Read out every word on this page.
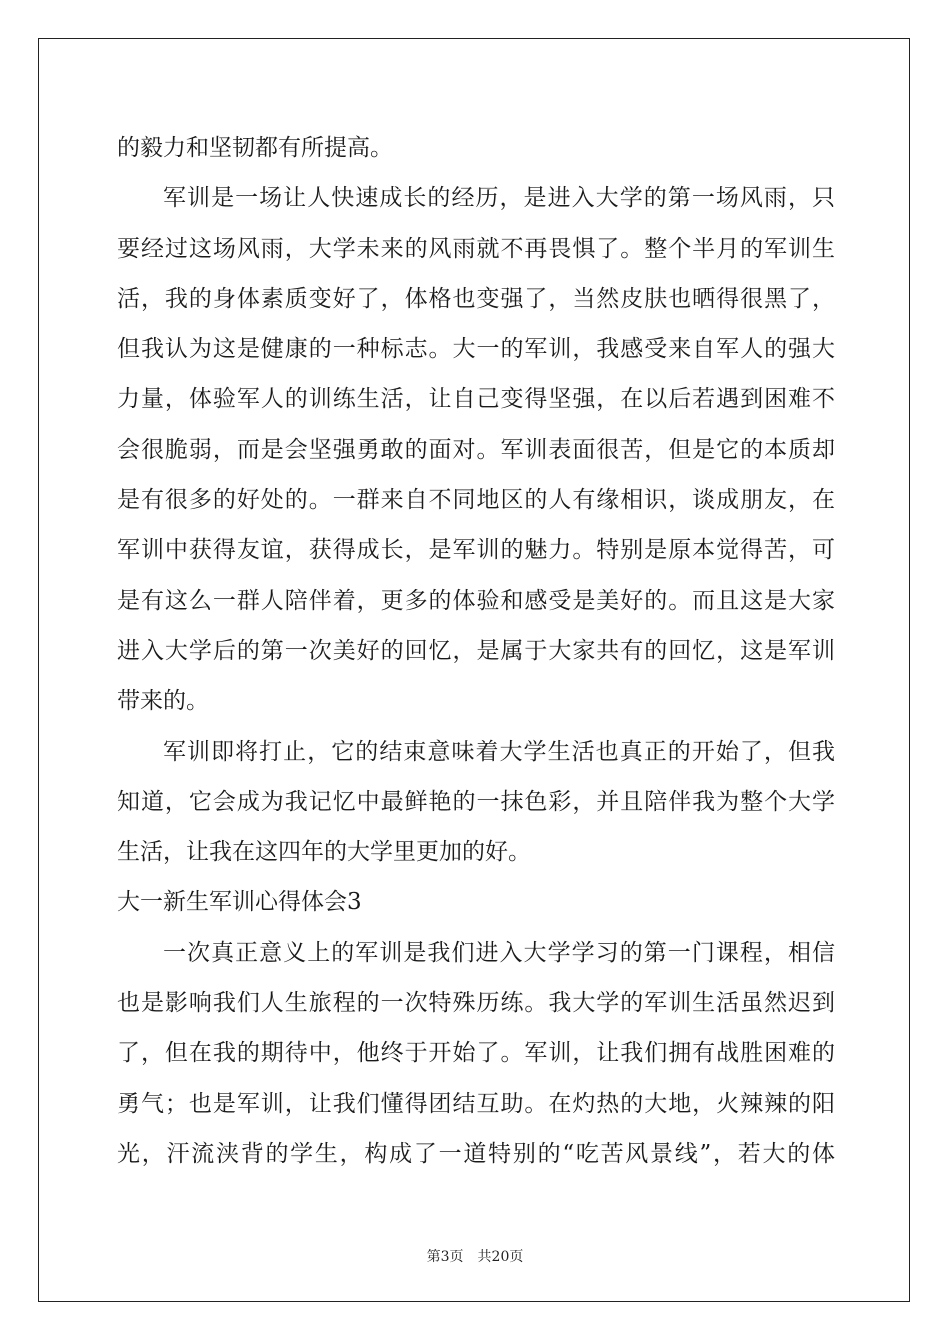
的毅力和坚韧都有所提高。
军训是一场让人快速成长的经历，是进入大学的第一场风雨，只
要经过这场风雨，大学未来的风雨就不再畏惧了。整个半月的军训生
活，我的身体素质变好了，体格也变强了，当然皮肤也晒得很黑了，
但我认为这是健康的一种标志。大一的军训，我感受来自军人的强大
力量，体验军人的训练生活，让自己变得坚强，在以后若遇到困难不
会很脆弱，而是会坚强勇敢的面对。军训表面很苦，但是它的本质却
是有很多的好处的。一群来自不同地区的人有缘相识，谈成朋友，在
军训中获得友谊，获得成长，是军训的魅力。特别是原本觉得苦，可
是有这么一群人陪伴着，更多的体验和感受是美好的。而且这是大家
进入大学后的第一次美好的回忆，是属于大家共有的回忆，这是军训
带来的。
军训即将打止，它的结束意味着大学生活也真正的开始了，但我
知道，它会成为我记忆中最鲜艳的一抹色彩，并且陪伴我为整个大学
生活，让我在这四年的大学里更加的好。
大一新生军训心得体会3
一次真正意义上的军训是我们进入大学学习的第一门课程，相信
也是影响我们人生旅程的一次特殊历练。我大学的军训生活虽然迟到
了，但在我的期待中，他终于开始了。军训，让我们拥有战胜困难的
勇气；也是军训，让我们懂得团结互助。在灼热的大地，火辣辣的阳
光，汗流浃背的学生，构成了一道特别的“吃苦风景线”，若大的体
第3页 共20页
